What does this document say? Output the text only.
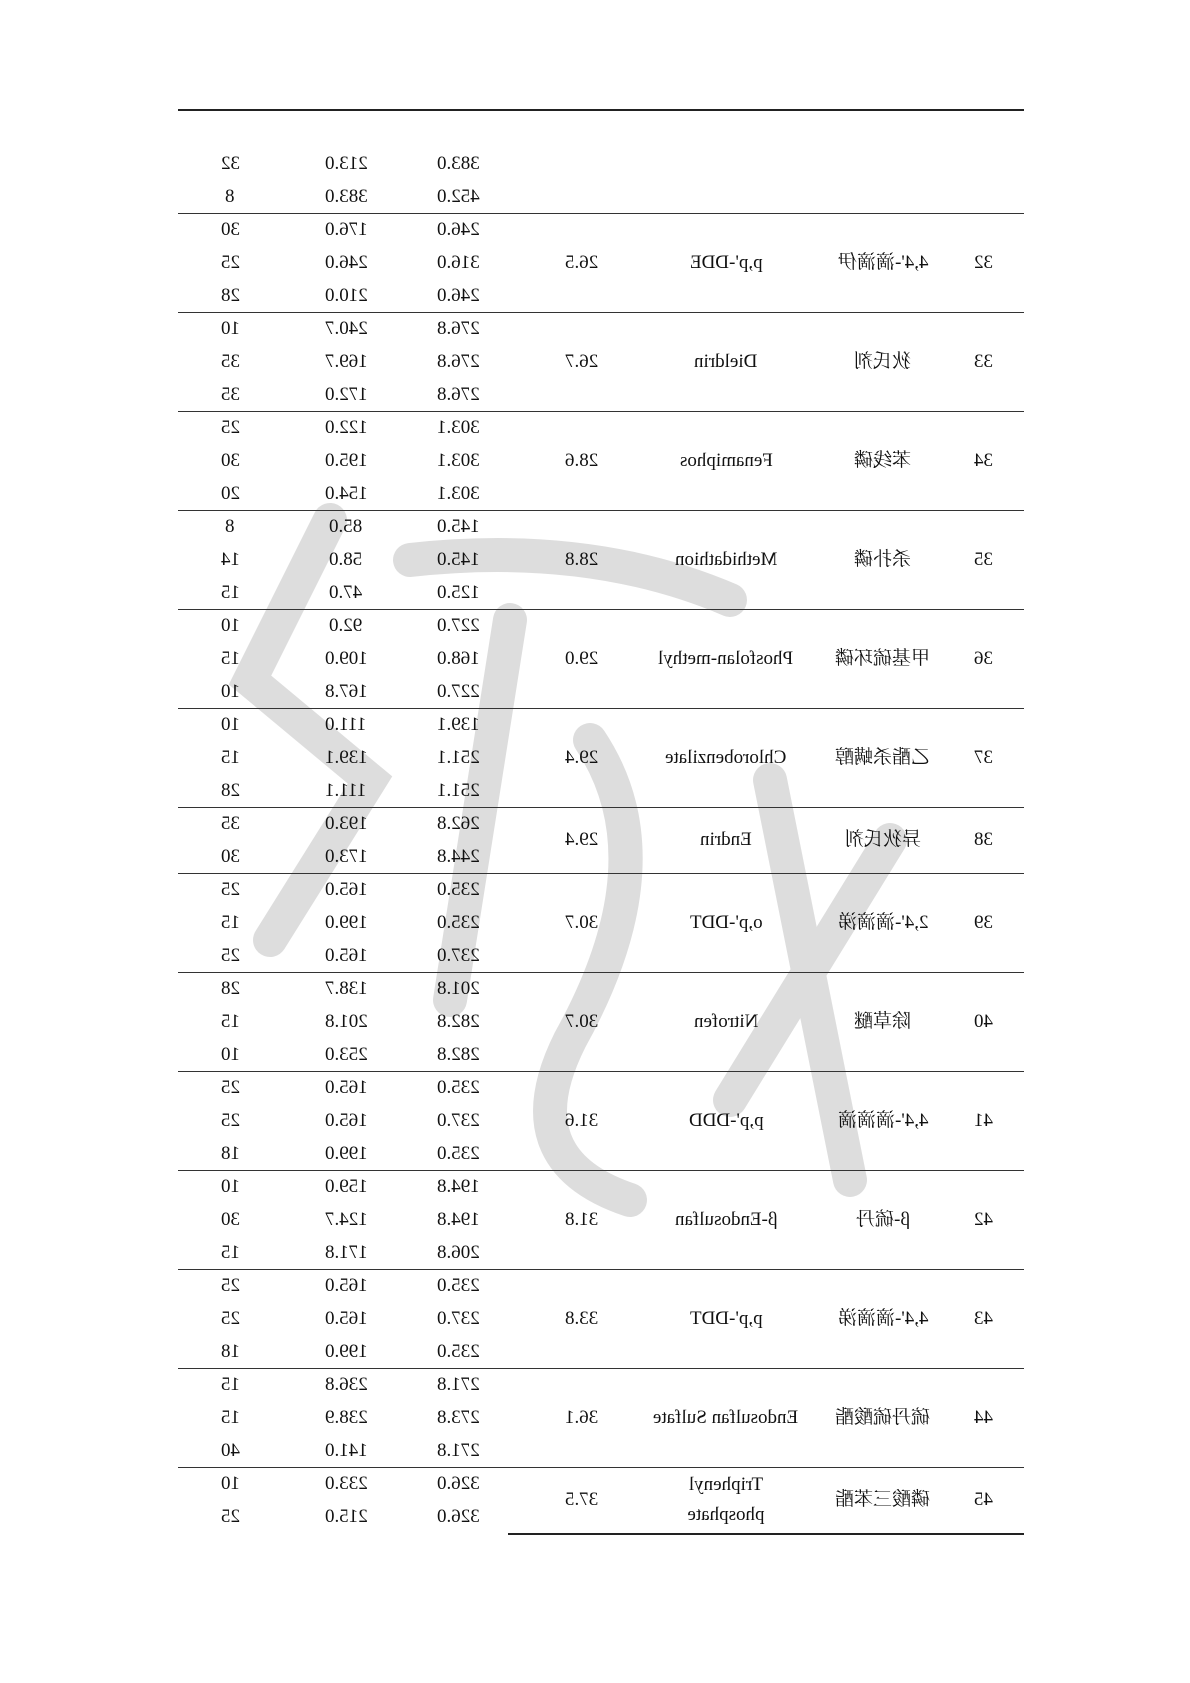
383.0
213.0
32
452.0
383.0
8
246.0
176.0
30
316.0
246.0
25
246.0
210.0
28
32
4,4'-滴滴伊
p,p'-DDE
26.5
276.8
240.7
10
276.8
169.7
35
276.8
172.0
35
33
狄氏剂
Dieldrin
26.7
303.1
122.0
25
303.1
195.0
30
303.1
154.0
20
34
苯线磷
Fenamiphos
28.6
145.0
85.0
8
145.0
58.0
14
125.0
47.0
15
35
杀扑磷
Methidathion
28.8
227.0
92.0
10
168.0
109.0
15
227.0
167.8
10
36
甲基硫环磷
Phosfolan-methyl
29.0
139.1
111.0
10
251.1
139.1
15
251.1
111.1
28
37
乙酯杀螨醇
Chlorobenzilate
29.4
262.8
193.0
35
244.8
173.0
30
38
异狄氏剂
Endrin
29.4
235.0
165.0
25
235.0
199.0
15
237.0
165.0
25
39
2,4'-滴滴涕
o,p'-DDT
30.7
201.8
138.7
28
282.8
201.8
15
282.8
253.0
10
40
除草醚
Nitrofen
30.7
235.0
165.0
25
237.0
165.0
25
235.0
199.0
18
41
4,4'-滴滴滴
p,p'-DDD
31.6
194.8
159.0
10
194.8
124.7
30
206.8
171.8
15
42
β-硫丹
β-Endosulfan
31.8
235.0
165.0
25
237.0
165.0
25
235.0
199.0
18
43
4,4'-滴滴涕
p,p'-DDT
33.8
271.8
236.8
15
273.8
238.9
15
271.8
141.0
40
44
硫丹硫酸酯
Endosulfan Sulfate
36.1
326.0
233.0
10
326.0
215.0
25
45
磷酸三苯酯
Triphenyl phosphate
37.5
